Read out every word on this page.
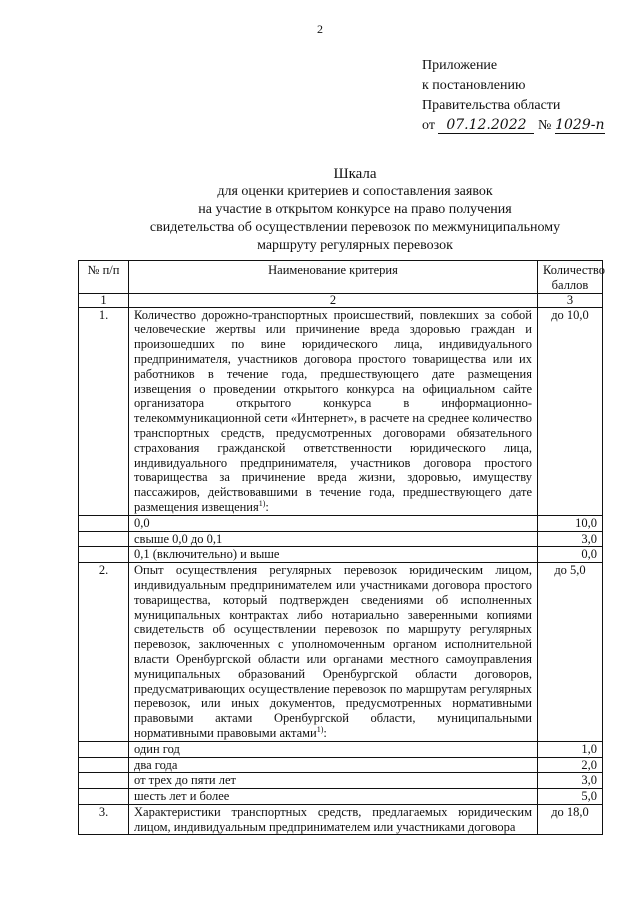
2
Приложение
к постановлению
Правительства области
от 07.12.2022 № 1029-п
Шкала
для оценки критериев и сопоставления заявок
на участие в открытом конкурсе на право получения
свидетельства об осуществлении перевозок по межмуниципальному
маршруту регулярных перевозок
№ п/п	Наименование критерия	Количество баллов
1	2	3
1.	Количество дорожно-транспортных происшествий, повлекших за собой человеческие жертвы или причинение вреда здоровью граждан и произошедших по вине юридического лица, индивидуального предпринимателя, участников договора простого товарищества или их работников в течение года, предшествующего дате размещения извещения о проведении открытого конкурса на официальном сайте организатора открытого конкурса в информационно-телекоммуникационной сети «Интернет», в расчете на среднее количество транспортных средств, предусмотренных договорами обязательного страхования гражданской ответственности юридического лица, индивидуального предпринимателя, участников договора простого товарищества за причинение вреда жизни, здоровью, имуществу пассажиров, действовавшими в течение года, предшествующего дате размещения извещения$^{1)}$:	до 10,0
	0,0	10,0
	свыше 0,0 до 0,1	3,0
	0,1 (включительно) и выше	0,0
2.	Опыт осуществления регулярных перевозок юридическим лицом, индивидуальным предпринимателем или участниками договора простого товарищества, который подтвержден сведениями об исполненных муниципальных контрактах либо нотариально заверенными копиями свидетельств об осуществлении перевозок по маршруту регулярных перевозок, заключенных с уполномоченным органом исполнительной власти Оренбургской области или органами местного самоуправления муниципальных образований Оренбургской области договоров, предусматривающих осуществление перевозок по маршрутам регулярных перевозок, или иных документов, предусмотренных нормативными правовыми актами Оренбургской области, муниципальными нормативными правовыми актами$^{1)}$:	до 5,0
	один год	1,0
	два года	2,0
	от трех до пяти лет	3,0
	шесть лет и более	5,0
3.	Характеристики транспортных средств, предлагаемых юридическим лицом, индивидуальным предпринимателем или участниками договора	до 18,0
